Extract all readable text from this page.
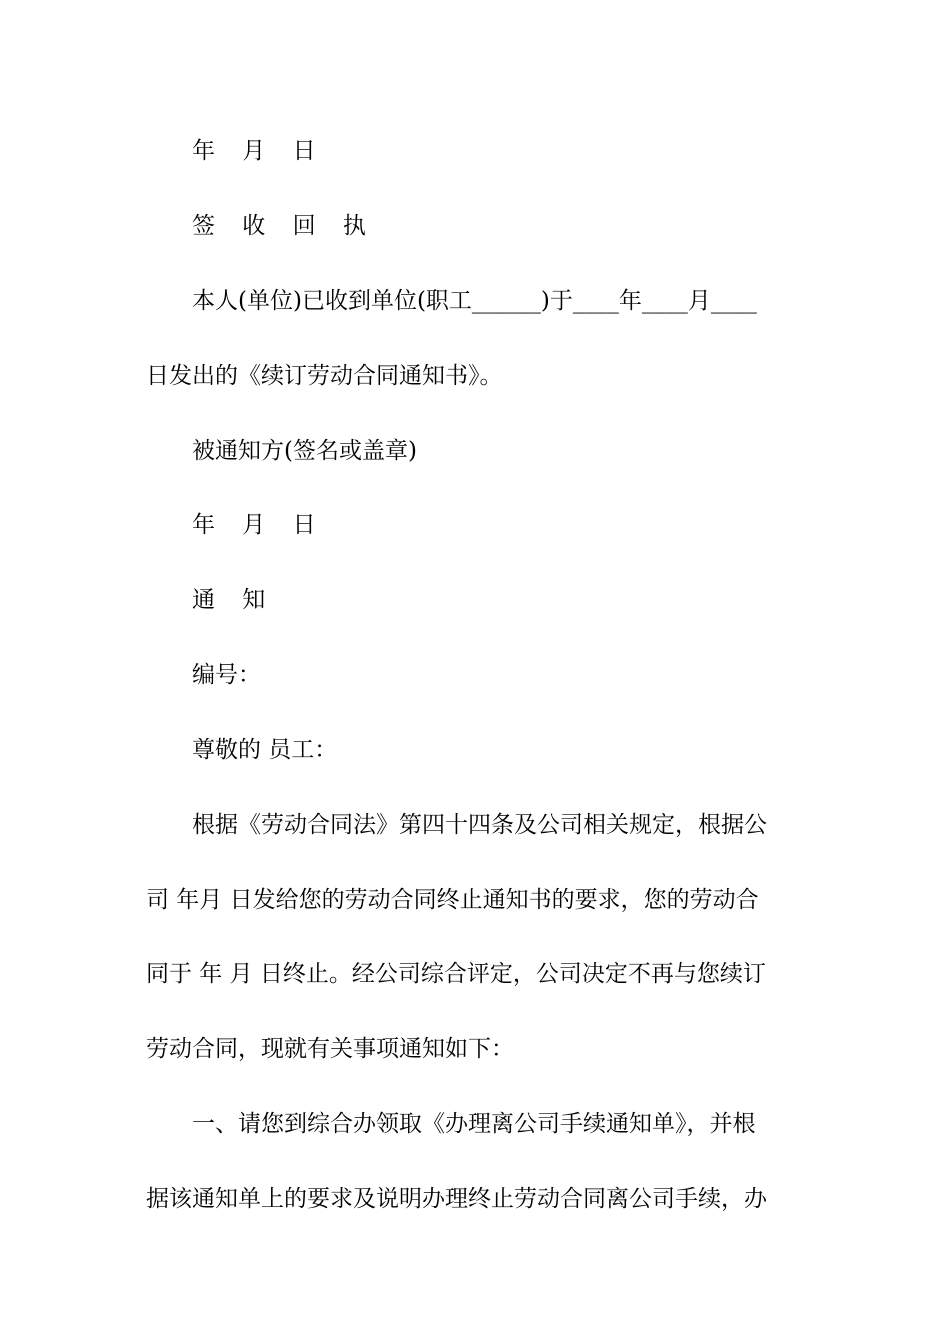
年 月 日
签 收 回 执
本人(单位)已收到单位(职工______)于____年____月____
日发出的《续订劳动合同通知书》。
被通知方(签名或盖章)
年 月 日
通 知
编号：
尊敬的 员工：
根据《劳动合同法》第四十四条及公司相关规定，根据公
司 年月 日发给您的劳动合同终止通知书的要求，您的劳动合
同于 年 月 日终止。经公司综合评定，公司决定不再与您续订
劳动合同，现就有关事项通知如下：
一、请您到综合办领取《办理离公司手续通知单》，并根
据该通知单上的要求及说明办理终止劳动合同离公司手续，办
